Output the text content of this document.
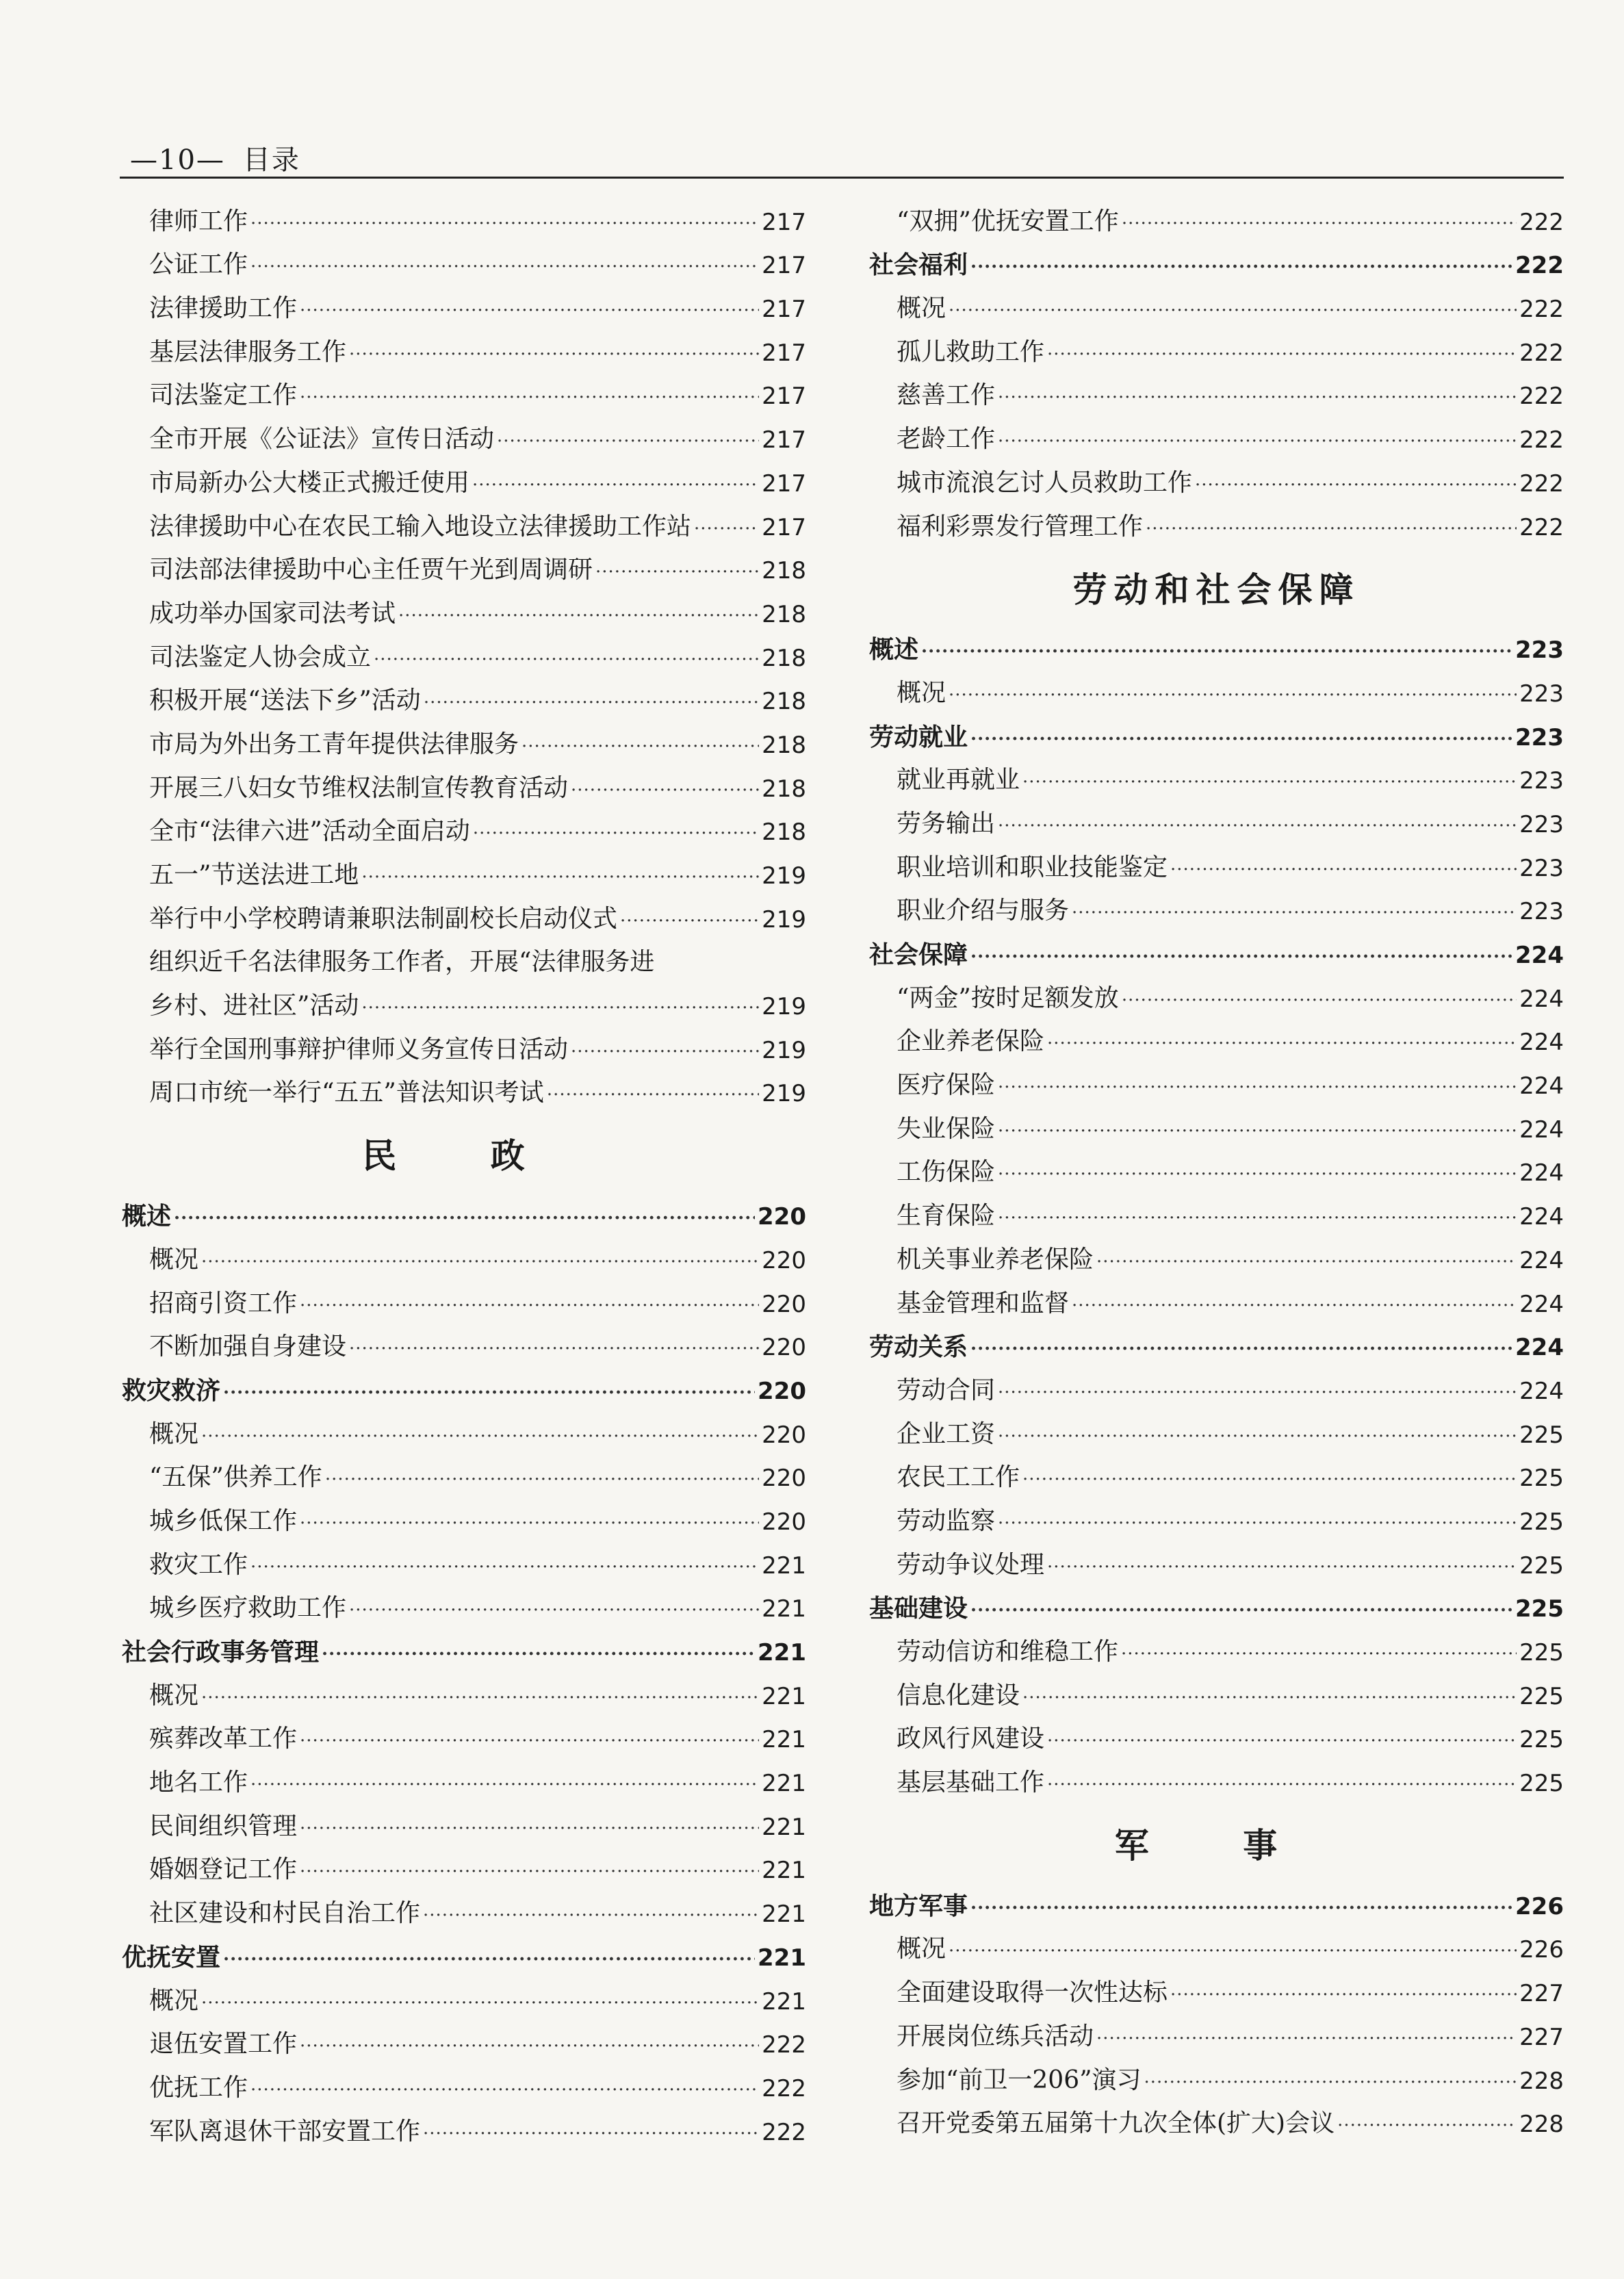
—10— 目录
律师工作 ·····	217
公证工作 ·····	217
法律援助工作 ·····	217
基层法律服务工作 ·····	217
司法鉴定工作 ·····	217
全市开展《公证法》宣传日活动 ·····	217
市局新办公大楼正式搬迁使用 ·····	217
法律援助中心在农民工输入地设立法律援助工作站 ·····	217
司法部法律援助中心主任贾午光到周调研 ·····	218
成功举办国家司法考试 ·····	218
司法鉴定人协会成立 ·····	218
积极开展“送法下乡”活动 ·····	218
市局为外出务工青年提供法律服务 ·····	218
开展三八妇女节维权法制宣传教育活动 ·····	218
全市“法律六进”活动全面启动 ·····	218
五一”节送法进工地 ·····	219
举行中小学校聘请兼职法制副校长启动仪式 ·····	219
组织近千名法律服务工作者，开展“法律服务进
乡村、进社区”活动 ·····	219
举行全国刑事辩护律师义务宣传日活动 ·····	219
周口市统一举行“五五”普法知识考试 ·····	219
民 政
概述 ·····	220
概况 ·····	220
招商引资工作 ·····	220
不断加强自身建设 ·····	220
救灾救济 ·····	220
概况 ·····	220
“五保”供养工作 ·····	220
城乡低保工作 ·····	220
救灾工作 ·····	221
城乡医疗救助工作 ·····	221
社会行政事务管理 ·····	221
概况 ·····	221
殡葬改革工作 ·····	221
地名工作 ·····	221
民间组织管理 ·····	221
婚姻登记工作 ·····	221
社区建设和村民自治工作 ·····	221
优抚安置 ·····	221
概况 ·····	221
退伍安置工作 ·····	222
优抚工作 ·····	222
军队离退休干部安置工作 ·····	222
“双拥”优抚安置工作 ·····	222
社会福利 ·····	222
概况 ·····	222
孤儿救助工作 ·····	222
慈善工作 ·····	222
老龄工作 ·····	222
城市流浪乞讨人员救助工作 ·····	222
福利彩票发行管理工作 ·····	222
劳动和社会保障
概述 ·····	223
概况 ·····	223
劳动就业 ·····	223
就业再就业 ·····	223
劳务输出 ·····	223
职业培训和职业技能鉴定 ·····	223
职业介绍与服务 ·····	223
社会保障 ·····	224
“两金”按时足额发放 ·····	224
企业养老保险 ·····	224
医疗保险 ·····	224
失业保险 ·····	224
工伤保险 ·····	224
生育保险 ·····	224
机关事业养老保险 ·····	224
基金管理和监督 ·····	224
劳动关系 ·····	224
劳动合同 ·····	224
企业工资 ·····	225
农民工工作 ·····	225
劳动监察 ·····	225
劳动争议处理 ·····	225
基础建设 ·····	225
劳动信访和维稳工作 ·····	225
信息化建设 ·····	225
政风行风建设 ·····	225
基层基础工作 ·····	225
军 事
地方军事 ·····	226
概况 ·····	226
全面建设取得一次性达标 ·····	227
开展岗位练兵活动 ·····	227
参加“前卫一206”演习 ·····	228
召开党委第五届第十九次全体(扩大)会议 ·····	228
